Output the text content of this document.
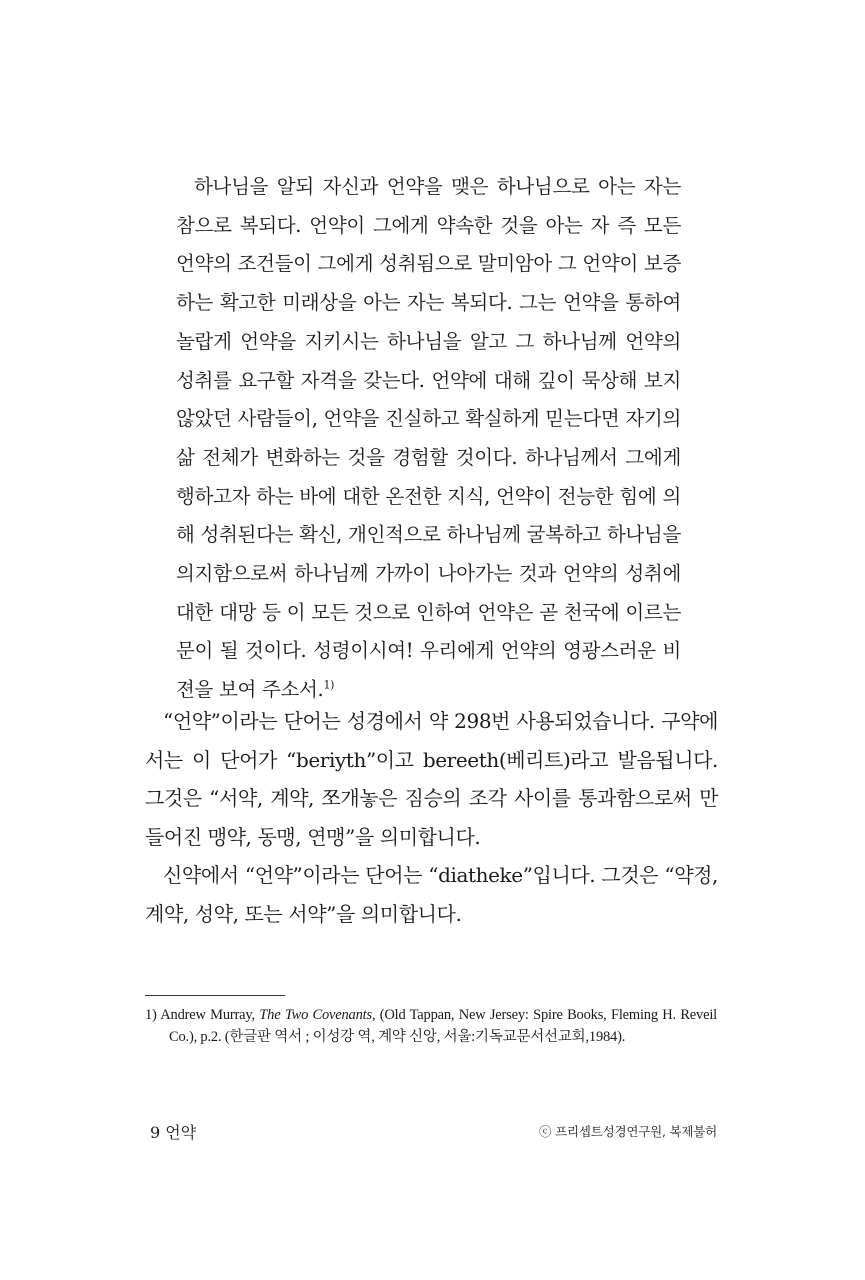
하나님을 알되 자신과 언약을 맺은 하나님으로 아는 자는 참으로 복되다. 언약이 그에게 약속한 것을 아는 자 즉 모든 언약의 조건들이 그에게 성취됨으로 말미암아 그 언약이 보증하는 확고한 미래상을 아는 자는 복되다. 그는 언약을 통하여 놀랍게 언약을 지키시는 하나님을 알고 그 하나님께 언약의 성취를 요구할 자격을 갖는다. 언약에 대해 깊이 묵상해 보지 않았던 사람들이, 언약을 진실하고 확실하게 믿는다면 자기의 삶 전체가 변화하는 것을 경험할 것이다. 하나님께서 그에게 행하고자 하는 바에 대한 온전한 지식, 언약이 전능한 힘에 의해 성취된다는 확신, 개인적으로 하나님께 굴복하고 하나님을 의지함으로써 하나님께 가까이 나아가는 것과 언약의 성취에 대한 대망 등 이 모든 것으로 인하여 언약은 곧 천국에 이르는 문이 될 것이다. 성령이시여! 우리에게 언약의 영광스러운 비젼을 보여 주소서.$^{1)}$

“언약”이라는 단어는 성경에서 약 298번 사용되었습니다. 구약에서는 이 단어가 “beriyth”이고 bereeth(베리트)라고 발음됩니다. 그것은 “서약, 계약, 쪼개놓은 짐승의 조각 사이를 통과함으로써 만들어진 맹약, 동맹, 연맹”을 의미합니다.

신약에서 “언약”이라는 단어는 “diatheke”입니다. 그것은 “약정, 계약, 성약, 또는 서약”을 의미합니다.

1) Andrew Murray, The Two Covenants, (Old Tappan, New Jersey: Spire Books, Fleming H. Reveil Co.), p.2. (한글판 역서 ; 이성강 역, 계약 신앙, 서울:기독교문서선교회,1984).
9 언약	ⓒ 프리셉트성경연구원, 복제불허
